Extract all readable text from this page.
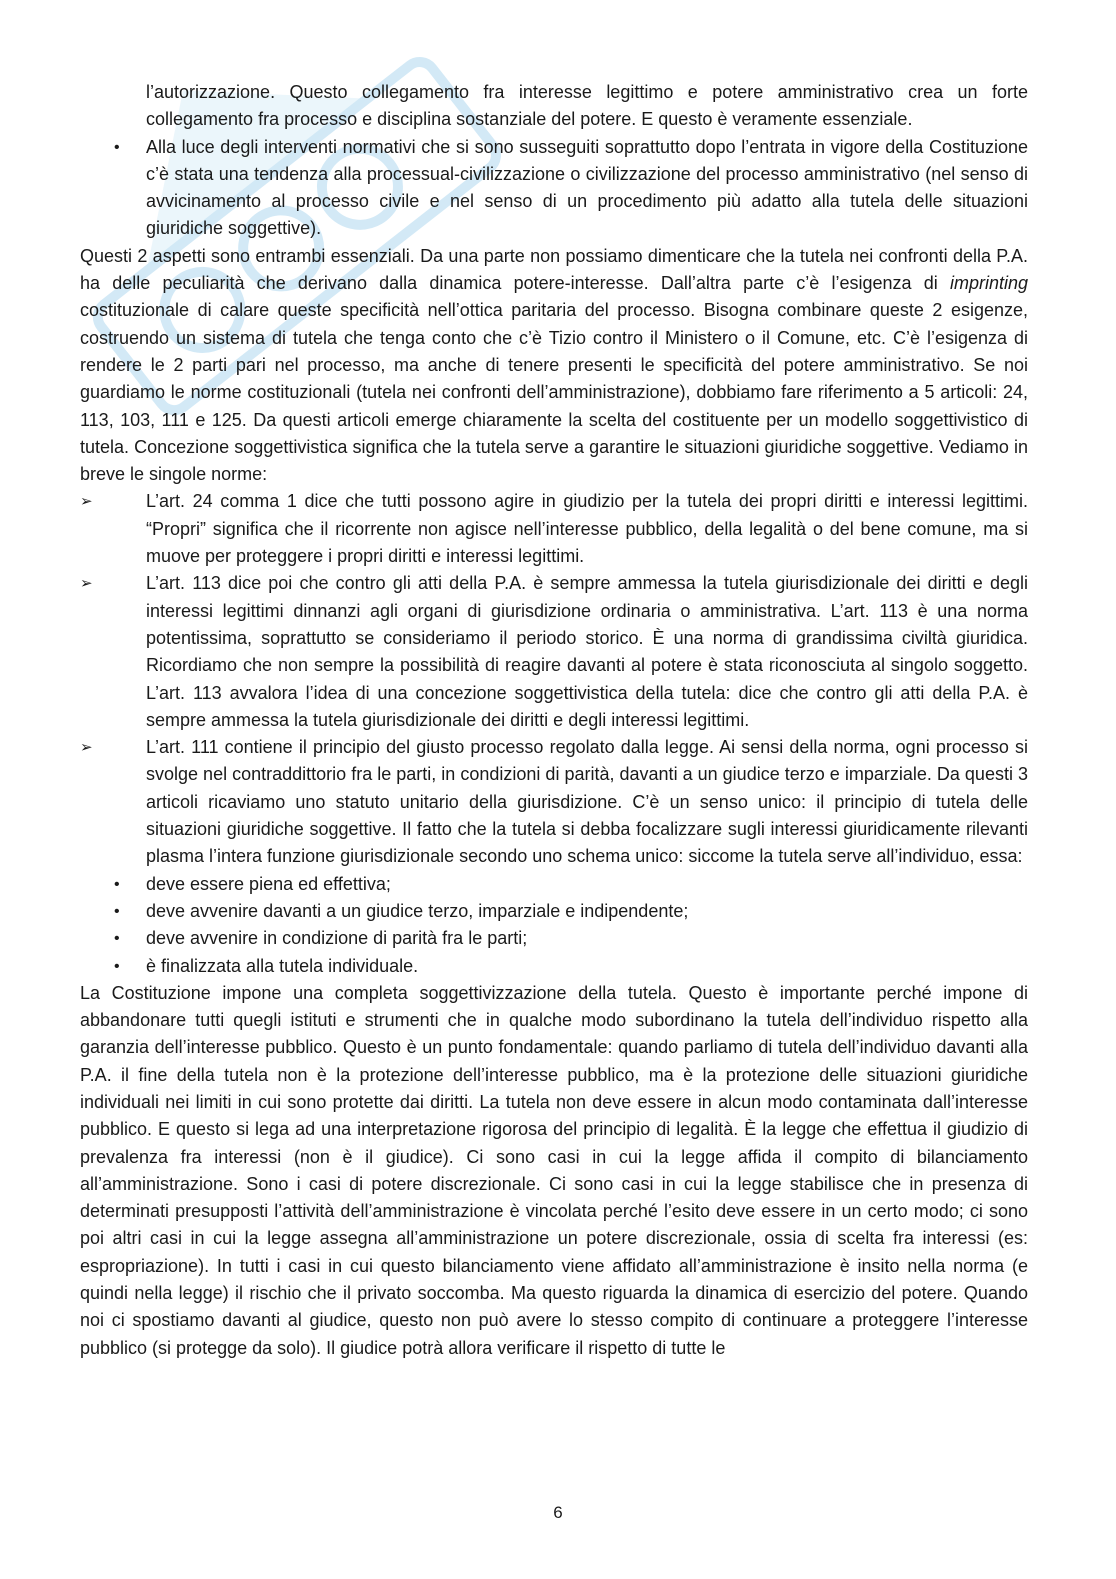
l’autorizzazione. Questo collegamento fra interesse legittimo e potere amministrativo crea un forte collegamento fra processo e disciplina sostanziale del potere. E questo è veramente essenziale.

•	Alla luce degli interventi normativi che si sono susseguiti soprattutto dopo l’entrata in vigore della Costituzione c’è stata una tendenza alla processual-civilizzazione o civilizzazione del processo amministrativo (nel senso di avvicinamento al processo civile e nel senso di un procedimento più adatto alla tutela delle situazioni giuridiche soggettive).

Questi 2 aspetti sono entrambi essenziali. Da una parte non possiamo dimenticare che la tutela nei confronti della P.A. ha delle peculiarità che derivano dalla dinamica potere-interesse. Dall’altra parte c’è l’esigenza di imprinting costituzionale di calare queste specificità nell’ottica paritaria del processo. Bisogna combinare queste 2 esigenze, costruendo un sistema di tutela che tenga conto che c’è Tizio contro il Ministero o il Comune, etc. C’è l’esigenza di rendere le 2 parti pari nel processo, ma anche di tenere presenti le specificità del potere amministrativo. Se noi guardiamo le norme costituzionali (tutela nei confronti dell’amministrazione), dobbiamo fare riferimento a 5 articoli: 24, 113, 103, 111 e 125. Da questi articoli emerge chiaramente la scelta del costituente per un modello soggettivistico di tutela. Concezione soggettivistica significa che la tutela serve a garantire le situazioni giuridiche soggettive. Vediamo in breve le singole norme:

➢	L’art. 24 comma 1 dice che tutti possono agire in giudizio per la tutela dei propri diritti e interessi legittimi. “Propri” significa che il ricorrente non agisce nell’interesse pubblico, della legalità o del bene comune, ma si muove per proteggere i propri diritti e interessi legittimi.
➢	L’art. 113 dice poi che contro gli atti della P.A. è sempre ammessa la tutela giurisdizionale dei diritti e degli interessi legittimi dinnanzi agli organi di giurisdizione ordinaria o amministrativa. L’art. 113 è una norma potentissima, soprattutto se consideriamo il periodo storico. È una norma di grandissima civiltà giuridica. Ricordiamo che non sempre la possibilità di reagire davanti al potere è stata riconosciuta al singolo soggetto. L’art. 113 avvalora l’idea di una concezione soggettivistica della tutela: dice che contro gli atti della P.A. è sempre ammessa la tutela giurisdizionale dei diritti e degli interessi legittimi.
➢	L’art. 111 contiene il principio del giusto processo regolato dalla legge. Ai sensi della norma, ogni processo si svolge nel contraddittorio fra le parti, in condizioni di parità, davanti a un giudice terzo e imparziale. Da questi 3 articoli ricaviamo uno statuto unitario della giurisdizione. C’è un senso unico: il principio di tutela delle situazioni giuridiche soggettive. Il fatto che la tutela si debba focalizzare sugli interessi giuridicamente rilevanti plasma l’intera funzione giurisdizionale secondo uno schema unico: siccome la tutela serve all’individuo, essa:
• deve essere piena ed effettiva;
• deve avvenire davanti a un giudice terzo, imparziale e indipendente;
• deve avvenire in condizione di parità fra le parti;
• è finalizzata alla tutela individuale.

La Costituzione impone una completa soggettivizzazione della tutela. Questo è importante perché impone di abbandonare tutti quegli istituti e strumenti che in qualche modo subordinano la tutela dell’individuo rispetto alla garanzia dell’interesse pubblico. Questo è un punto fondamentale: quando parliamo di tutela dell’individuo davanti alla P.A. il fine della tutela non è la protezione dell’interesse pubblico, ma è la protezione delle situazioni giuridiche individuali nei limiti in cui sono protette dai diritti. La tutela non deve essere in alcun modo contaminata dall’interesse pubblico. E questo si lega ad una interpretazione rigorosa del principio di legalità. È la legge che effettua il giudizio di prevalenza fra interessi (non è il giudice). Ci sono casi in cui la legge affida il compito di bilanciamento all’amministrazione. Sono i casi di potere discrezionale. Ci sono casi in cui la legge stabilisce che in presenza di determinati presupposti l’attività dell’amministrazione è vincolata perché l’esito deve essere in un certo modo; ci sono poi altri casi in cui la legge assegna all’amministrazione un potere discrezionale, ossia di scelta fra interessi (es: espropriazione). In tutti i casi in cui questo bilanciamento viene affidato all’amministrazione è insito nella norma (e quindi nella legge) il rischio che il privato soccomba. Ma questo riguarda la dinamica di esercizio del potere. Quando noi ci spostiamo davanti al giudice, questo non può avere lo stesso compito di continuare a proteggere l’interesse pubblico (si protegge da solo). Il giudice potrà allora verificare il rispetto di tutte le

6
